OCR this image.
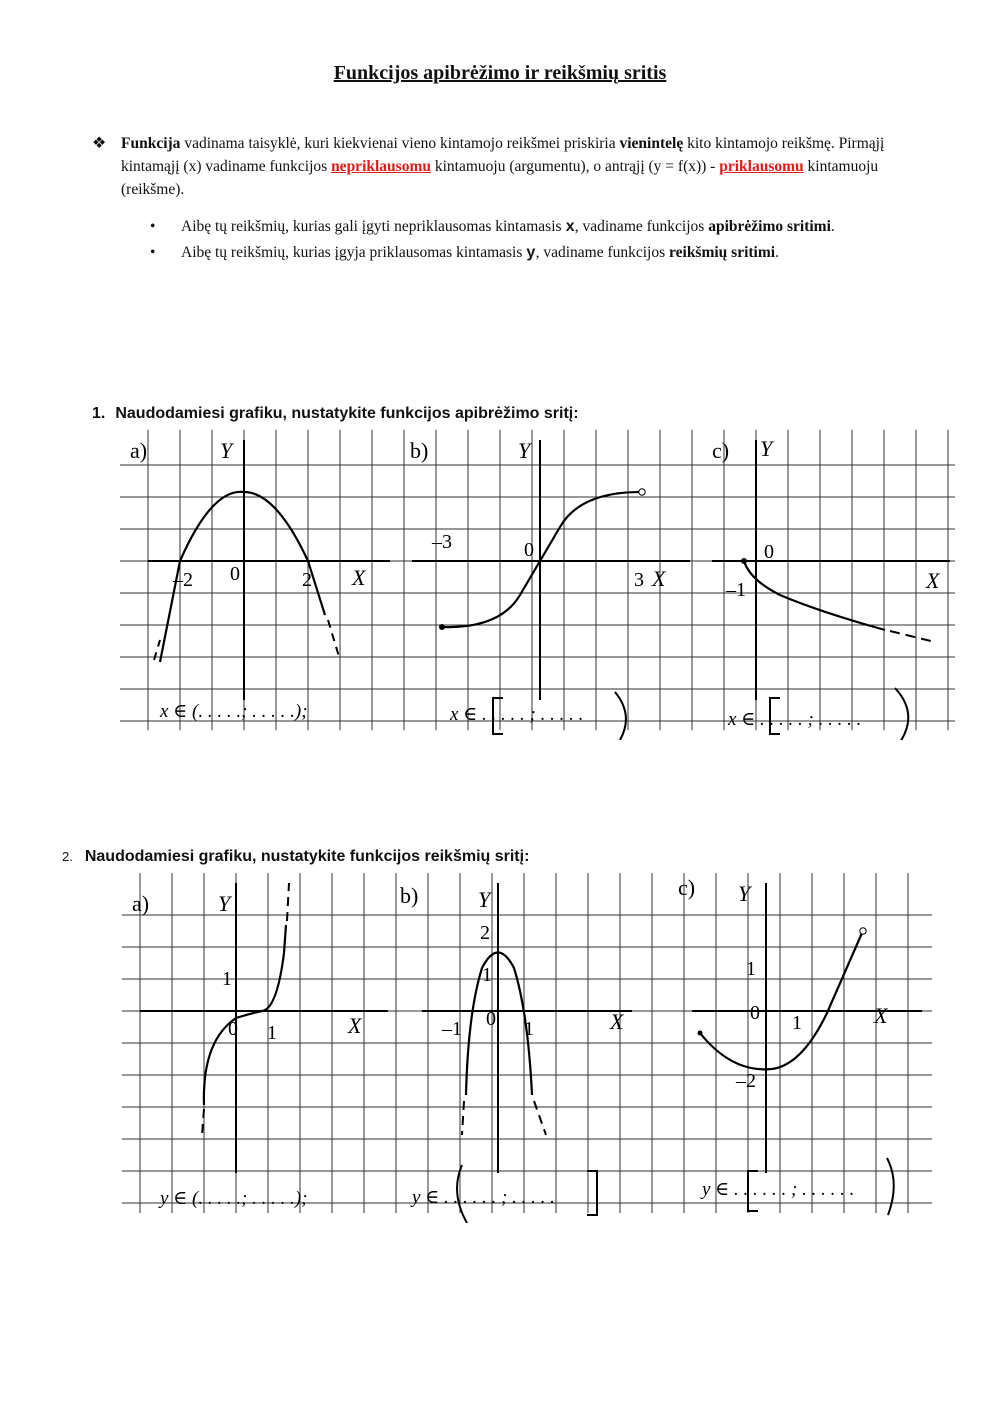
Funkcijos apibrėžimo ir reikšmių sritis
❖ Funkcija vadinama taisyklė, kuri kiekvienai vieno kintamojo reikšmei priskiria vienintelę kito kintamojo reikšmę. Pirmąjį kintamąjį (x) vadiname funkcijos nepriklausomu kintamuoju (argumentu), o antrąjį (y = f(x)) - priklausomu kintamuoju (reikšme).
• Aibę tų reikšmių, kurias gali įgyti nepriklausomas kintamasis x, vadiname funkcijos apibrėžimo sritimi.
• Aibę tų reikšmių, kurias įgyja priklausomas kintamasis y, vadiname funkcijos reikšmių sritimi.
1. Naudodamiesi grafiku, nustatykite funkcijos apibrėžimo sritį:
a)	Y
X
0
–2	2
x ∈ (. . . . .; . . . . .);
b)	Y
X
0
–3
3
x ∈ . . . . . ; . . . . .
c) Y
X
0
–1
x ∈ . . . . . ; . . . . .
2. Naudodamiesi grafiku, nustatykite funkcijos reikšmių sritį:
a)	Y
X
0
1
1
y ∈ (. . . . .; . . . . .);
b)	Y
X
0
2
1
–1	1
y ∈ . . . . . . ; . . . . .
c) Y
X
0
1
1
–2
y ∈ . . . . . . ; . . . . . .
